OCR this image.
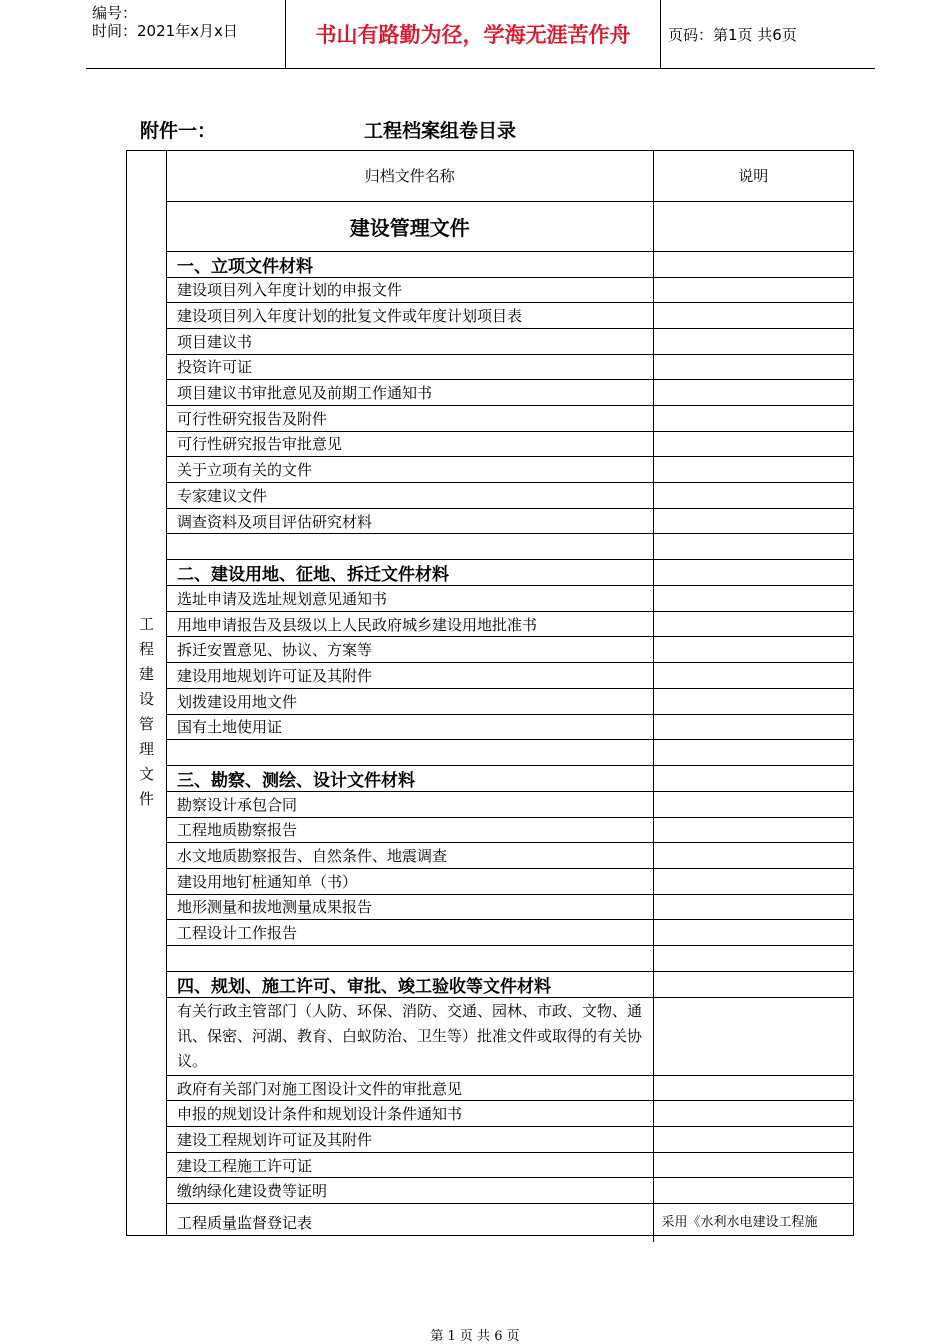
编号：
时间：2021年x月x日	书山有路勤为径，学海无涯苦作舟	页码：第1页 共6页
附件一：	工程档案组卷目录
工
程
建
设
管
理
文
件
归档文件名称	说明
建设管理文件	
一、立项文件材料	
建设项目列入年度计划的申报文件	
建设项目列入年度计划的批复文件或年度计划项目表	
项目建议书	
投资许可证	
项目建议书审批意见及前期工作通知书	
可行性研究报告及附件	
可行性研究报告审批意见	
关于立项有关的文件	
专家建议文件	
调查资料及项目评估研究材料	

二、建设用地、征地、拆迁文件材料	
选址申请及选址规划意见通知书	
用地申请报告及县级以上人民政府城乡建设用地批准书	
拆迁安置意见、协议、方案等	
建设用地规划许可证及其附件	
划拨建设用地文件	
国有土地使用证	

三、勘察、测绘、设计文件材料	
勘察设计承包合同	
工程地质勘察报告	
水文地质勘察报告、自然条件、地震调查	
建设用地钉桩通知单（书）	
地形测量和拔地测量成果报告	
工程设计工作报告	

四、规划、施工许可、审批、竣工验收等文件材料	
有关行政主管部门（人防、环保、消防、交通、园林、市政、文物、通讯、保密、河湖、教育、白蚁防治、卫生等）批准文件或取得的有关协议。	
政府有关部门对施工图设计文件的审批意见	
申报的规划设计条件和规划设计条件通知书	
建设工程规划许可证及其附件	
建设工程施工许可证	
缴纳绿化建设费等证明	
工程质量监督登记表	采用《水利水电建设工程施
第 1 页 共 6 页
